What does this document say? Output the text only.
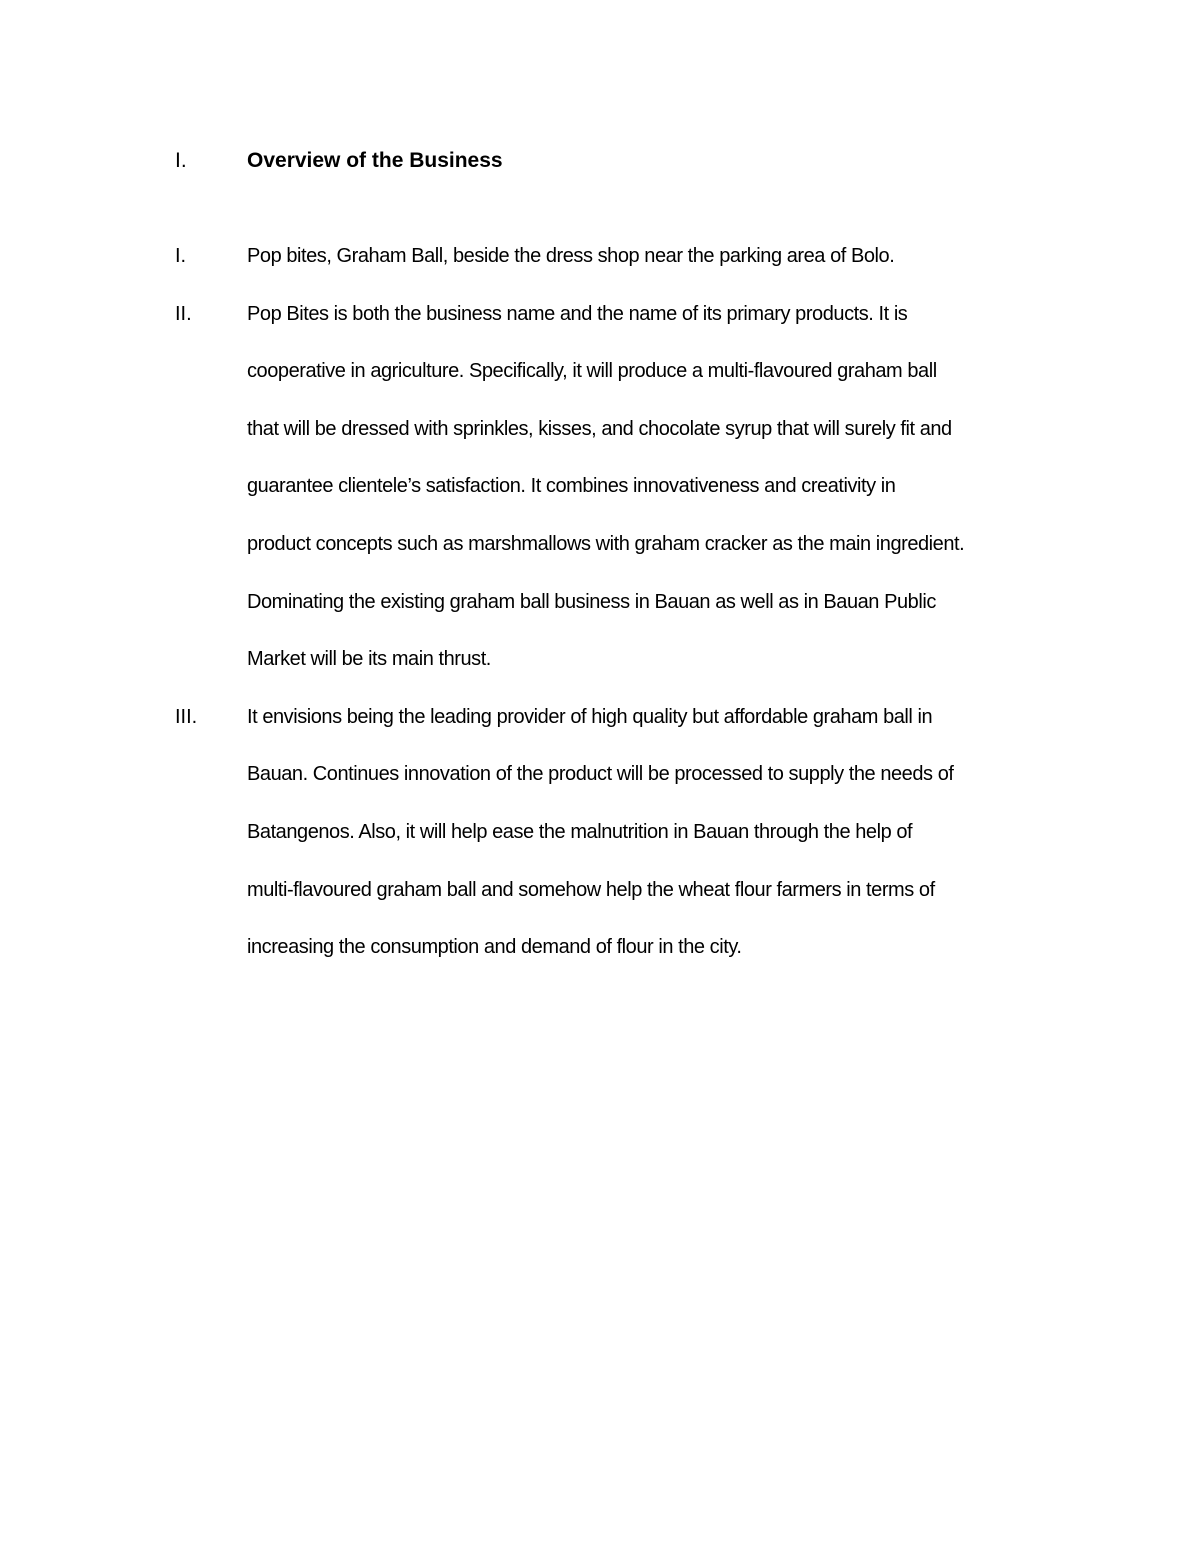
I.	Overview of the Business
I.	Pop bites, Graham Ball, beside the dress shop near the parking area of Bolo.
II.	Pop Bites is both the business name and the name of its primary products. It is
cooperative in agriculture. Specifically, it will produce a multi-flavoured graham ball
that will be dressed with sprinkles, kisses, and chocolate syrup that will surely fit and
guarantee clientele’s satisfaction. It combines innovativeness and creativity in
product concepts such as marshmallows with graham cracker as the main ingredient.
Dominating the existing graham ball business in Bauan as well as in Bauan Public
Market will be its main thrust.
III. It envisions being the leading provider of high quality but affordable graham ball in
Bauan. Continues innovation of the product will be processed to supply the needs of
Batangenos. Also, it will help ease the malnutrition in Bauan through the help of
multi-flavoured graham ball and somehow help the wheat flour farmers in terms of
increasing the consumption and demand of flour in the city.
